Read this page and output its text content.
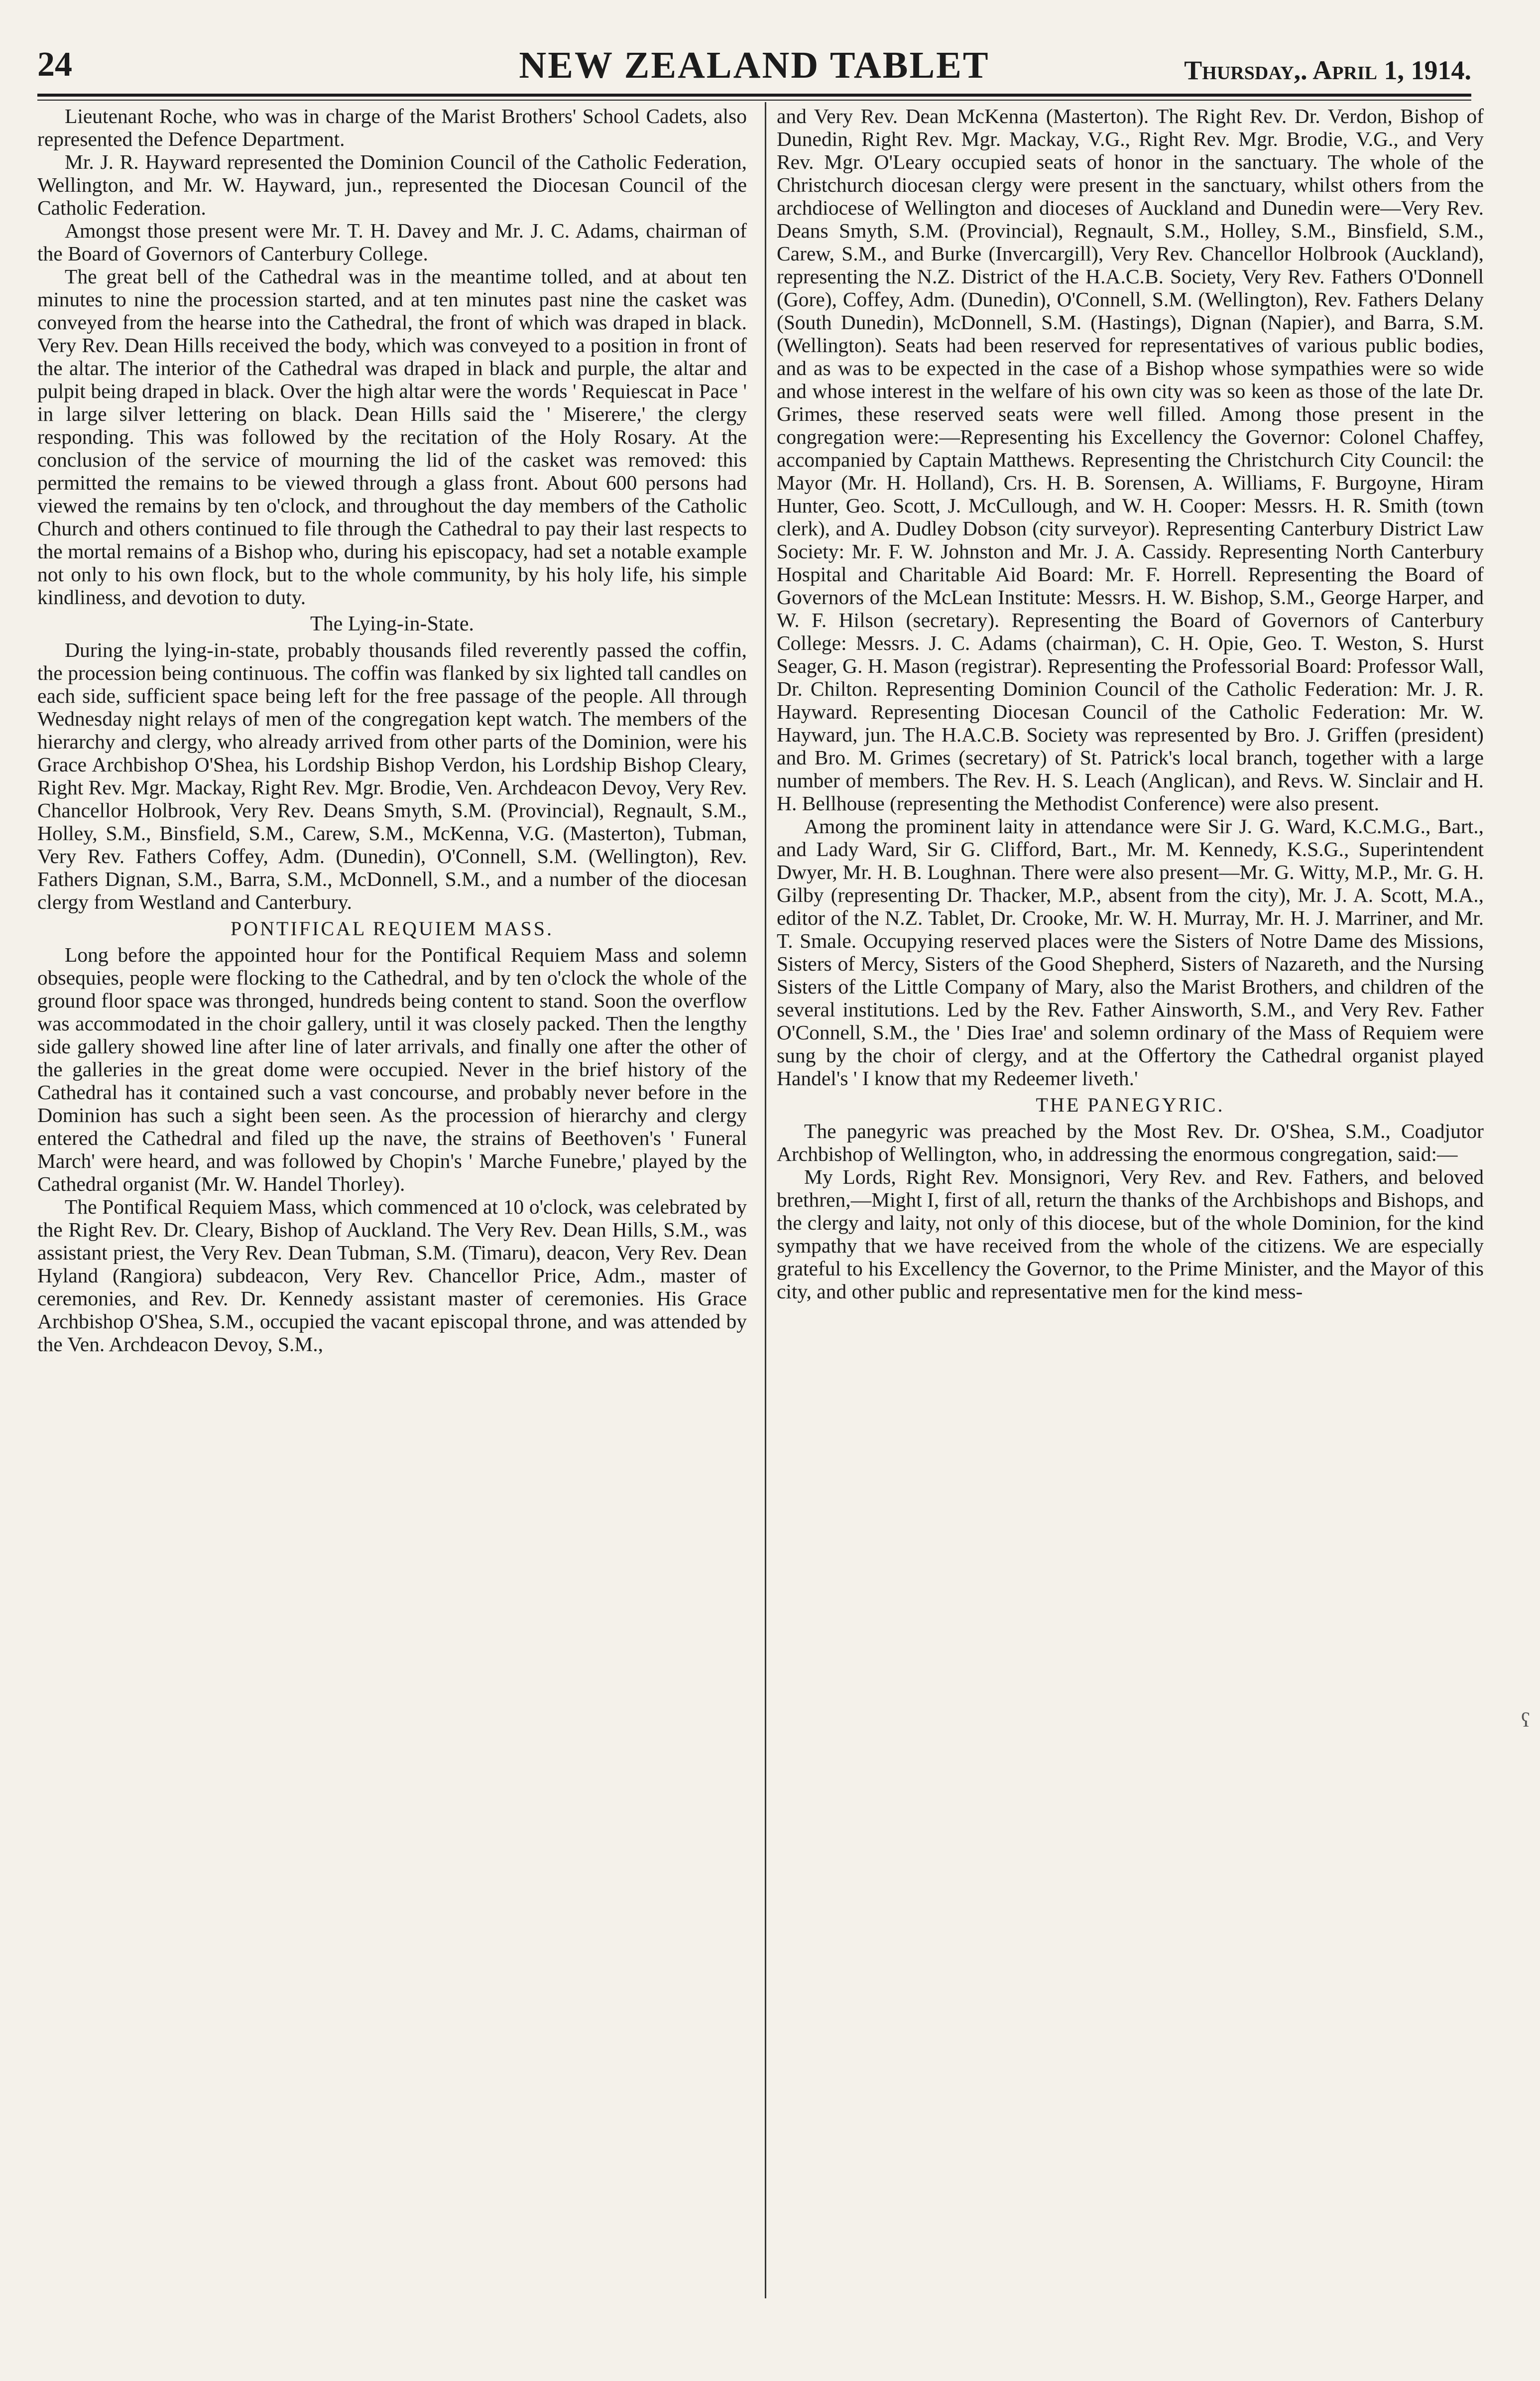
24	NEW ZEALAND TABLET	Thursday,. April 1, 1914.

Lieutenant Roche, who was in charge of the Marist Brothers' School Cadets, also represented the Defence Department.

Mr. J. R. Hayward represented the Dominion Council of the Catholic Federation, Wellington, and Mr. W. Hayward, jun., represented the Diocesan Council of the Catholic Federation.

Amongst those present were Mr. T. H. Davey and Mr. J. C. Adams, chairman of the Board of Governors of Canterbury College.

The great bell of the Cathedral was in the meantime tolled, and at about ten minutes to nine the procession started, and at ten minutes past nine the casket was conveyed from the hearse into the Cathedral, the front of which was draped in black. Very Rev. Dean Hills received the body, which was conveyed to a position in front of the altar. The interior of the Cathedral was draped in black and purple, the altar and pulpit being draped in black. Over the high altar were the words ' Requiescat in Pace ' in large silver lettering on black. Dean Hills said the ' Miserere,' the clergy responding. This was followed by the recitation of the Holy Rosary. At the conclusion of the service of mourning the lid of the casket was removed: this permitted the remains to be viewed through a glass front. About 600 persons had viewed the remains by ten o'clock, and throughout the day members of the Catholic Church and others continued to file through the Cathedral to pay their last respects to the mortal remains of a Bishop who, during his episcopacy, had set a notable example not only to his own flock, but to the whole community, by his holy life, his simple kindliness, and devotion to duty.

The Lying-in-State.

During the lying-in-state, probably thousands filed reverently passed the coffin, the procession being continuous. The coffin was flanked by six lighted tall candles on each side, sufficient space being left for the free passage of the people. All through Wednesday night relays of men of the congregation kept watch. The members of the hierarchy and clergy, who already arrived from other parts of the Dominion, were his Grace Archbishop O'Shea, his Lordship Bishop Verdon, his Lordship Bishop Cleary, Right Rev. Mgr. Mackay, Right Rev. Mgr. Brodie, Ven. Archdeacon Devoy, Very Rev. Chancellor Holbrook, Very Rev. Deans Smyth, S.M. (Provincial), Regnault, S.M., Holley, S.M., Binsfield, S.M., Carew, S.M., McKenna, V.G. (Masterton), Tubman, Very Rev. Fathers Coffey, Adm. (Dunedin), O'Connell, S.M. (Wellington), Rev. Fathers Dignan, S.M., Barra, S.M., McDonnell, S.M., and a number of the diocesan clergy from Westland and Canterbury.

PONTIFICAL REQUIEM MASS.

Long before the appointed hour for the Pontifical Requiem Mass and solemn obsequies, people were flocking to the Cathedral, and by ten o'clock the whole of the ground floor space was thronged, hundreds being content to stand. Soon the overflow was accommodated in the choir gallery, until it was closely packed. Then the lengthy side gallery showed line after line of later arrivals, and finally one after the other of the galleries in the great dome were occupied. Never in the brief history of the Cathedral has it contained such a vast concourse, and probably never before in the Dominion has such a sight been seen. As the procession of hierarchy and clergy entered the Cathedral and filed up the nave, the strains of Beethoven's ' Funeral March' were heard, and was followed by Chopin's ' Marche Funebre,' played by the Cathedral organist (Mr. W. Handel Thorley).

The Pontifical Requiem Mass, which commenced at 10 o'clock, was celebrated by the Right Rev. Dr. Cleary, Bishop of Auckland. The Very Rev. Dean Hills, S.M., was assistant priest, the Very Rev. Dean Tubman, S.M. (Timaru), deacon, Very Rev. Dean Hyland (Rangiora) subdeacon, Very Rev. Chancellor Price, Adm., master of ceremonies, and Rev. Dr. Kennedy assistant master of ceremonies. His Grace Archbishop O'Shea, S.M., occupied the vacant episcopal throne, and was attended by the Ven. Archdeacon Devoy, S.M.,

and Very Rev. Dean McKenna (Masterton). The Right Rev. Dr. Verdon, Bishop of Dunedin, Right Rev. Mgr. Mackay, V.G., Right Rev. Mgr. Brodie, V.G., and Very Rev. Mgr. O'Leary occupied seats of honor in the sanctuary. The whole of the Christchurch diocesan clergy were present in the sanctuary, whilst others from the archdiocese of Wellington and dioceses of Auckland and Dunedin were—Very Rev. Deans Smyth, S.M. (Provincial), Regnault, S.M., Holley, S.M., Binsfield, S.M., Carew, S.M., and Burke (Invercargill), Very Rev. Chancellor Holbrook (Auckland), representing the N.Z. District of the H.A.C.B. Society, Very Rev. Fathers O'Donnell (Gore), Coffey, Adm. (Dunedin), O'Connell, S.M. (Wellington), Rev. Fathers Delany (South Dunedin), McDonnell, S.M. (Hastings), Dignan (Napier), and Barra, S.M. (Wellington). Seats had been reserved for representatives of various public bodies, and as was to be expected in the case of a Bishop whose sympathies were so wide and whose interest in the welfare of his own city was so keen as those of the late Dr. Grimes, these reserved seats were well filled. Among those present in the congregation were:—Representing his Excellency the Governor: Colonel Chaffey, accompanied by Captain Matthews. Representing the Christchurch City Council: the Mayor (Mr. H. Holland), Crs. H. B. Sorensen, A. Williams, F. Burgoyne, Hiram Hunter, Geo. Scott, J. McCullough, and W. H. Cooper: Messrs. H. R. Smith (town clerk), and A. Dudley Dobson (city surveyor). Representing Canterbury District Law Society: Mr. F. W. Johnston and Mr. J. A. Cassidy. Representing North Canterbury Hospital and Charitable Aid Board: Mr. F. Horrell. Representing the Board of Governors of the McLean Institute: Messrs. H. W. Bishop, S.M., George Harper, and W. F. Hilson (secretary). Representing the Board of Governors of Canterbury College: Messrs. J. C. Adams (chairman), C. H. Opie, Geo. T. Weston, S. Hurst Seager, G. H. Mason (registrar). Representing the Professorial Board: Professor Wall, Dr. Chilton. Representing Dominion Council of the Catholic Federation: Mr. J. R. Hayward. Representing Diocesan Council of the Catholic Federation: Mr. W. Hayward, jun. The H.A.C.B. Society was represented by Bro. J. Griffen (president) and Bro. M. Grimes (secretary) of St. Patrick's local branch, together with a large number of members. The Rev. H. S. Leach (Anglican), and Revs. W. Sinclair and H. H. Bellhouse (representing the Methodist Conference) were also present.

Among the prominent laity in attendance were Sir J. G. Ward, K.C.M.G., Bart., and Lady Ward, Sir G. Clifford, Bart., Mr. M. Kennedy, K.S.G., Superintendent Dwyer, Mr. H. B. Loughnan. There were also present—Mr. G. Witty, M.P., Mr. G. H. Gilby (representing Dr. Thacker, M.P., absent from the city), Mr. J. A. Scott, M.A., editor of the N.Z. Tablet, Dr. Crooke, Mr. W. H. Murray, Mr. H. J. Marriner, and Mr. T. Smale. Occupying reserved places were the Sisters of Notre Dame des Missions, Sisters of Mercy, Sisters of the Good Shepherd, Sisters of Nazareth, and the Nursing Sisters of the Little Company of Mary, also the Marist Brothers, and children of the several institutions. Led by the Rev. Father Ainsworth, S.M., and Very Rev. Father O'Connell, S.M., the ' Dies Irae' and solemn ordinary of the Mass of Requiem were sung by the choir of clergy, and at the Offertory the Cathedral organist played Handel's ' I know that my Redeemer liveth.'

THE PANEGYRIC.

The panegyric was preached by the Most Rev. Dr. O'Shea, S.M., Coadjutor Archbishop of Wellington, who, in addressing the enormous congregation, said:—

My Lords, Right Rev. Monsignori, Very Rev. and Rev. Fathers, and beloved brethren,—Might I, first of all, return the thanks of the Archbishops and Bishops, and the clergy and laity, not only of this diocese, but of the whole Dominion, for the kind sympathy that we have received from the whole of the citizens. We are especially grateful to his Excellency the Governor, to the Prime Minister, and the Mayor of this city, and other public and representative men for the kind mess-

ʕ
